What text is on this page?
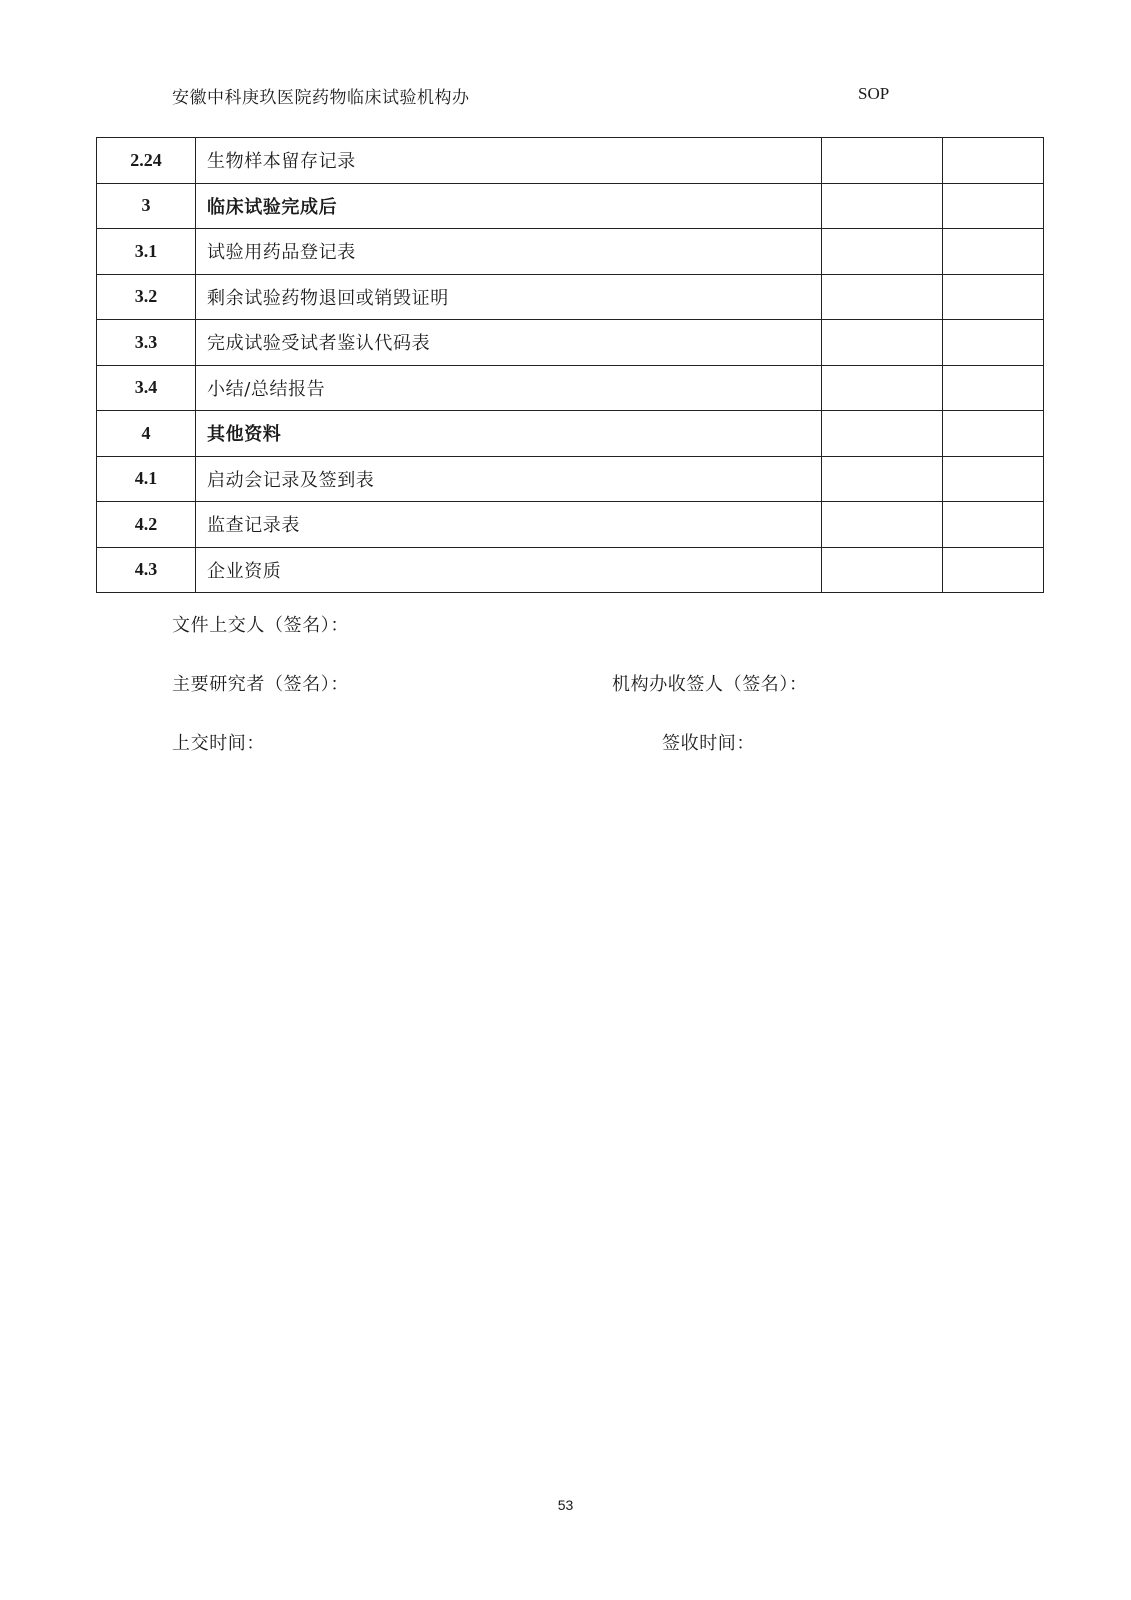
安徽中科庚玖医院药物临床试验机构办	SOP
2.24	生物样本留存记录		
3	临床试验完成后		
3.1	试验用药品登记表		
3.2	剩余试验药物退回或销毁证明		
3.3	完成试验受试者鉴认代码表		
3.4	小结/总结报告		
4	其他资料		
4.1	启动会记录及签到表		
4.2	监查记录表		
4.3	企业资质		
文件上交人（签名）：
主要研究者（签名）：	机构办收签人（签名）：
上交时间：	签收时间：
53
